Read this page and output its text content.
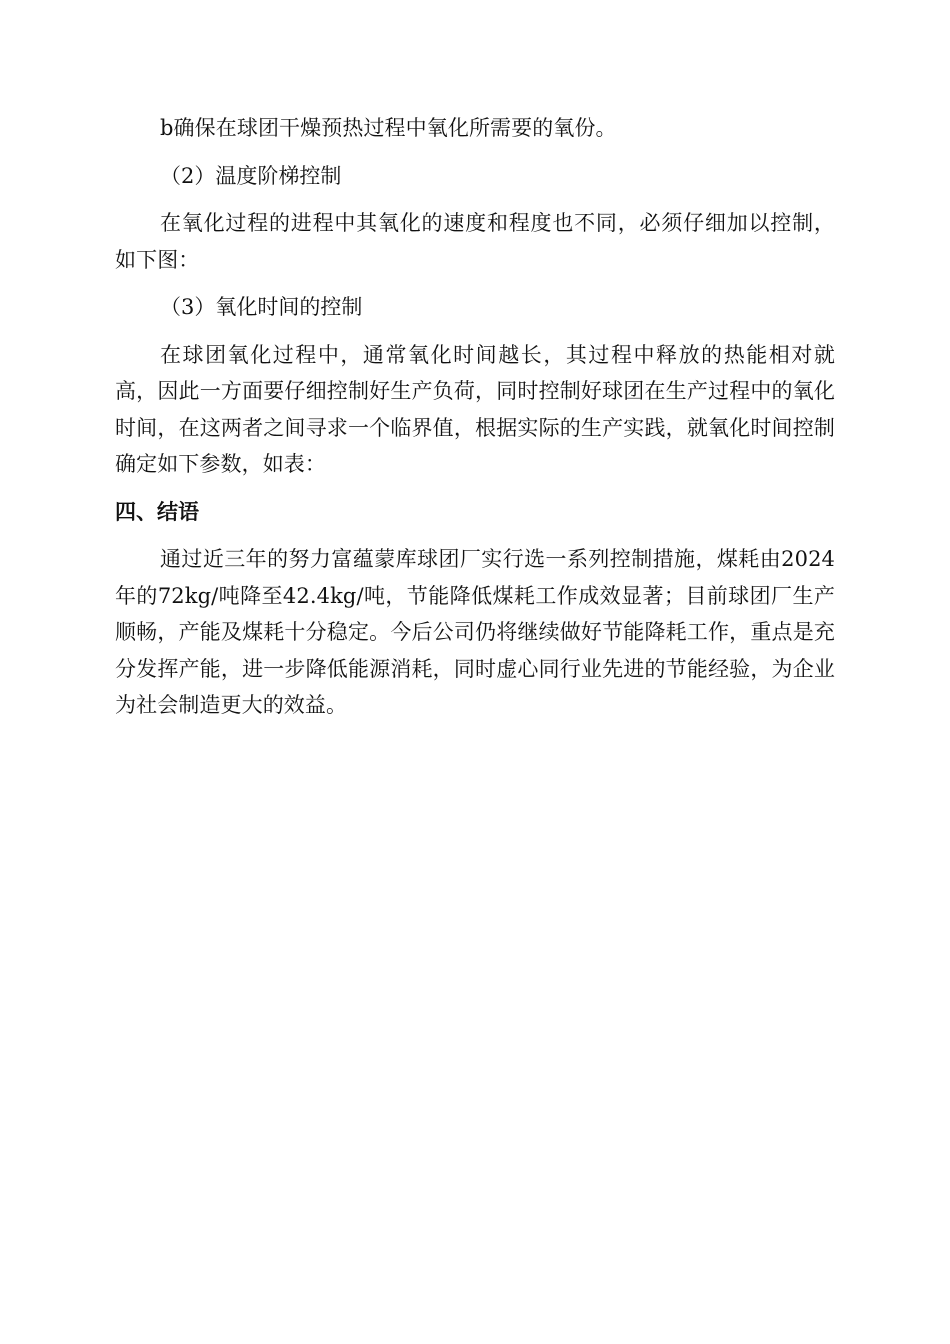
b确保在球团干燥预热过程中氧化所需要的氧份。

（2）温度阶梯控制

在氧化过程的进程中其氧化的速度和程度也不同，必须仔细加以控制，如下图：

（3）氧化时间的控制

在球团氧化过程中，通常氧化时间越长，其过程中释放的热能相对就高，因此一方面要仔细控制好生产负荷，同时控制好球团在生产过程中的氧化时间，在这两者之间寻求一个临界值，根据实际的生产实践，就氧化时间控制确定如下参数，如表：

四、结语

通过近三年的努力富蕴蒙库球团厂实行选一系列控制措施，煤耗由2024年的72kg/吨降至42.4kg/吨，节能降低煤耗工作成效显著；目前球团厂生产顺畅，产能及煤耗十分稳定。今后公司仍将继续做好节能降耗工作，重点是充分发挥产能，进一步降低能源消耗，同时虚心同行业先进的节能经验，为企业为社会制造更大的效益。
